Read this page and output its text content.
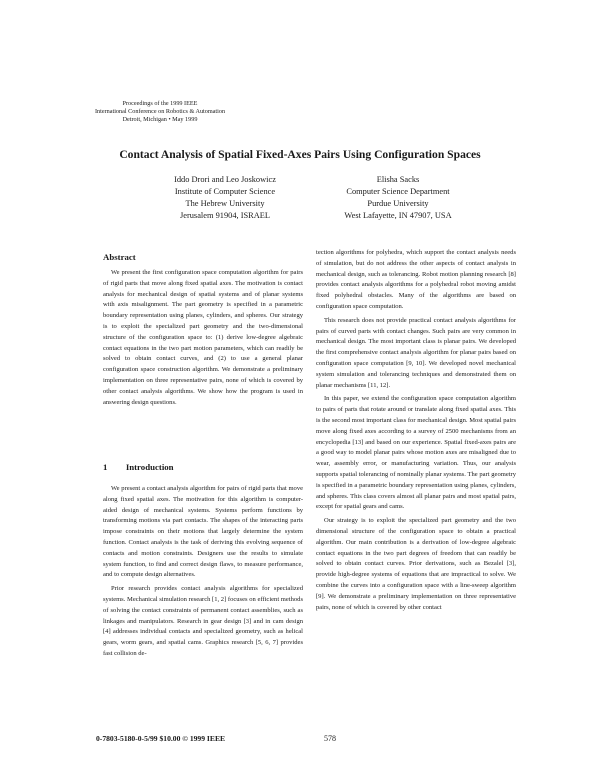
Proceedings of the 1999 IEEE
International Conference on Robotics & Automation
Detroit, Michigan • May 1999
Contact Analysis of Spatial Fixed-Axes Pairs Using Configuration Spaces
Iddo Drori and Leo Joskowicz
Institute of Computer Science
The Hebrew University
Jerusalem 91904, ISRAEL
Elisha Sacks
Computer Science Department
Purdue University
West Lafayette, IN 47907, USA
Abstract

We present the first configuration space computation algorithm for pairs of rigid parts that move along fixed spatial axes. The motivation is contact analysis for mechanical design of spatial systems and of planar systems with axis misalignment. The part geometry is specified in a parametric boundary representation using planes, cylinders, and spheres. Our strategy is to exploit the specialized part geometry and the two-dimensional structure of the configuration space to: (1) derive low-degree algebraic contact equations in the two part motion parameters, which can readily be solved to obtain contact curves, and (2) to use a general planar configuration space construction algorithm. We demonstrate a preliminary implementation on three representative pairs, none of which is covered by other contact analysis algorithms. We show how the program is used in answering design questions.

1 Introduction

We present a contact analysis algorithm for pairs of rigid parts that move along fixed spatial axes. The motivation for this algorithm is computer-aided design of mechanical systems. Systems perform functions by transforming motions via part contacts. The shapes of the interacting parts impose constraints on their motions that largely determine the system function. Contact analysis is the task of deriving this evolving sequence of contacts and motion constraints. Designers use the results to simulate system function, to find and correct design flaws, to measure performance, and to compute design alternatives.

Prior research provides contact analysis algorithms for specialized systems. Mechanical simulation research [1, 2] focuses on efficient methods of solving the contact constraints of permanent contact assemblies, such as linkages and manipulators. Research in gear design [3] and in cam design [4] addresses individual contacts and specialized geometry, such as helical gears, worm gears, and spatial cams. Graphics research [5, 6, 7] provides fast collision de-

tection algorithms for polyhedra, which support the contact analysis needs of simulation, but do not address the other aspects of contact analysis in mechanical design, such as tolerancing. Robot motion planning research [8] provides contact analysis algorithms for a polyhedral robot moving amidst fixed polyhedral obstacles. Many of the algorithms are based on configuration space computation.

This research does not provide practical contact analysis algorithms for pairs of curved parts with contact changes. Such pairs are very common in mechanical design. The most important class is planar pairs. We developed the first comprehensive contact analysis algorithm for planar pairs based on configuration space computation [9, 10]. We developed novel mechanical system simulation and tolerancing techniques and demonstrated them on planar mechanisms [11, 12].

In this paper, we extend the configuration space computation algorithm to pairs of parts that rotate around or translate along fixed spatial axes. This is the second most important class for mechanical design. Most spatial pairs move along fixed axes according to a survey of 2500 mechanisms from an encyclopedia [13] and based on our experience. Spatial fixed-axes pairs are a good way to model planar pairs whose motion axes are misaligned due to wear, assembly error, or manufacturing variation. Thus, our analysis supports spatial tolerancing of nominally planar systems. The part geometry is specified in a parametric boundary representation using planes, cylinders, and spheres. This class covers almost all planar pairs and most spatial pairs, except for spatial gears and cams.

Our strategy is to exploit the specialized part geometry and the two dimensional structure of the configuration space to obtain a practical algorithm. Our main contribution is a derivation of low-degree algebraic contact equations in the two part degrees of freedom that can readily be solved to obtain contact curves. Prior derivations, such as Bezalel [3], provide high-degree systems of equations that are impractical to solve. We combine the curves into a configuration space with a line-sweep algorithm [9]. We demonstrate a preliminary implementation on three representative pairs, none of which is covered by other contact

0-7803-5180-0-5/99 $10.00 © 1999 IEEE	578
